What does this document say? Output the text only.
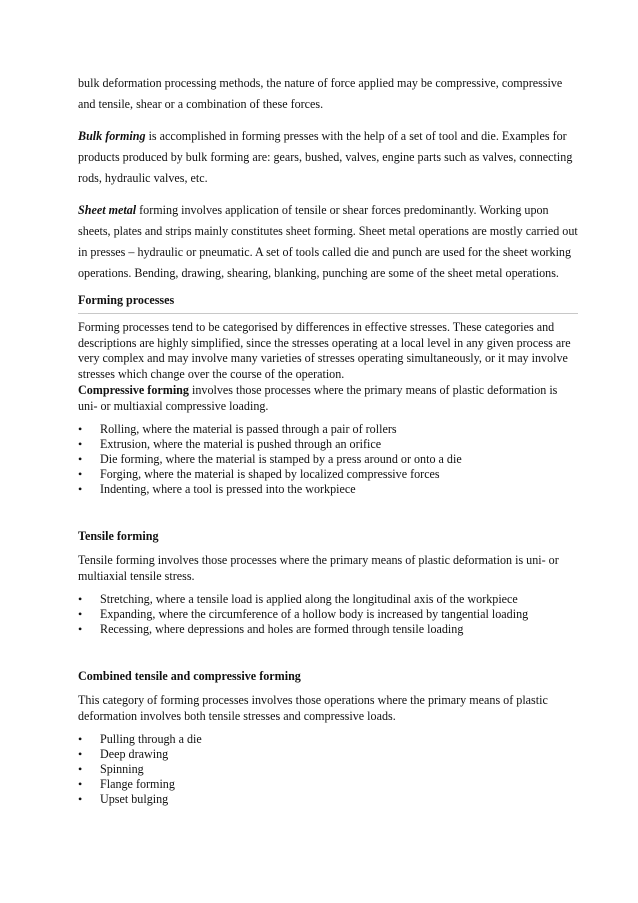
bulk deformation processing methods, the nature of force applied may be compressive, compressive and tensile, shear or a combination of these forces.

Bulk forming is accomplished in forming presses with the help of a set of tool and die. Examples for products produced by bulk forming are: gears, bushed, valves, engine parts such as valves, connecting rods, hydraulic valves, etc.

Sheet metal forming involves application of tensile or shear forces predominantly. Working upon sheets, plates and strips mainly constitutes sheet forming. Sheet metal operations are mostly carried out in presses – hydraulic or pneumatic. A set of tools called die and punch are used for the sheet working operations. Bending, drawing, shearing, blanking, punching are some of the sheet metal operations.

Forming processes

Forming processes tend to be categorised by differences in effective stresses. These categories and descriptions are highly simplified, since the stresses operating at a local level in any given process are very complex and may involve many varieties of stresses operating simultaneously, or it may involve stresses which change over the course of the operation.

Compressive forming involves those processes where the primary means of plastic deformation is uni- or multiaxial compressive loading.

• Rolling, where the material is passed through a pair of rollers
• Extrusion, where the material is pushed through an orifice
• Die forming, where the material is stamped by a press around or onto a die
• Forging, where the material is shaped by localized compressive forces
• Indenting, where a tool is pressed into the workpiece
Tensile forming

Tensile forming involves those processes where the primary means of plastic deformation is uni- or multiaxial tensile stress.

• Stretching, where a tensile load is applied along the longitudinal axis of the workpiece
• Expanding, where the circumference of a hollow body is increased by tangential loading
• Recessing, where depressions and holes are formed through tensile loading
Combined tensile and compressive forming

This category of forming processes involves those operations where the primary means of plastic deformation involves both tensile stresses and compressive loads.

• Pulling through a die
• Deep drawing
• Spinning
• Flange forming
• Upset bulging
